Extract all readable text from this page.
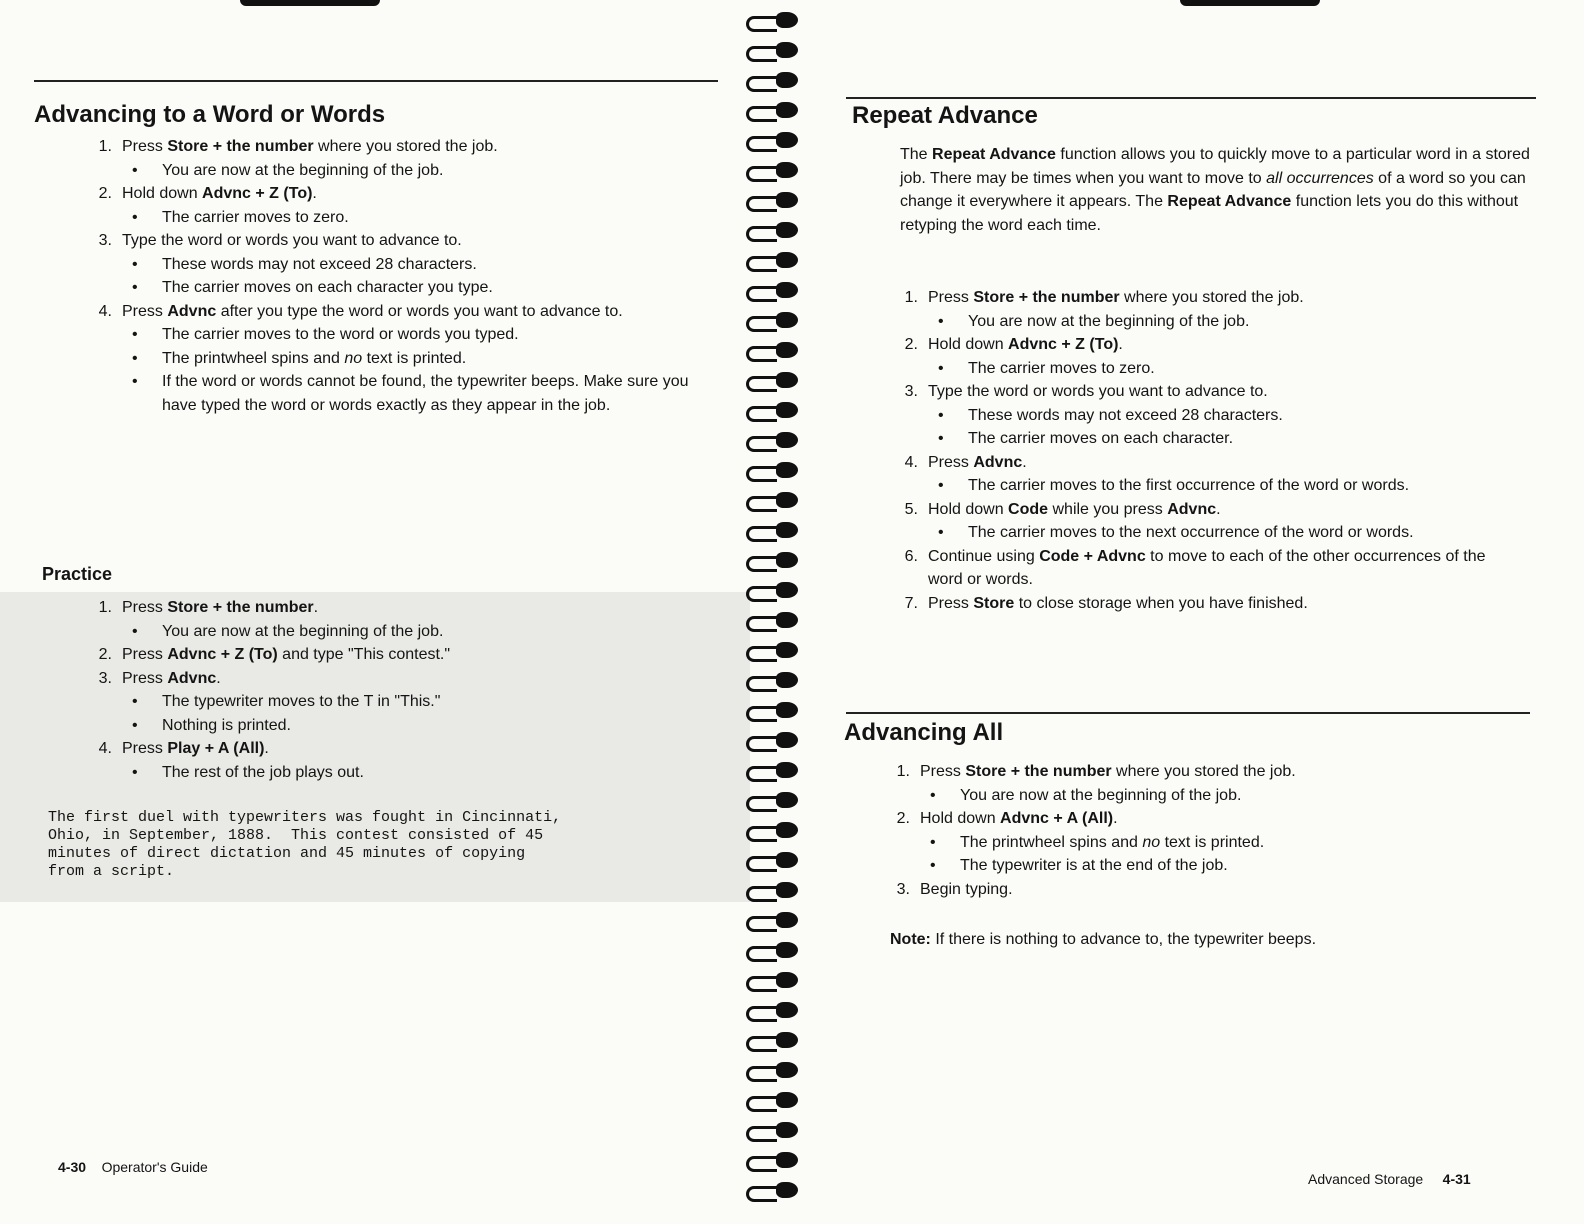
Advancing to a Word or Words
1. Press Store + the number where you stored the job.
• You are now at the beginning of the job.
2. Hold down Advnc + Z (To).
• The carrier moves to zero.
3. Type the word or words you want to advance to.
• These words may not exceed 28 characters.
• The carrier moves on each character you type.
4. Press Advnc after you type the word or words you want to advance to.
• The carrier moves to the word or words you typed.
• The printwheel spins and no text is printed.
• If the word or words cannot be found, the typewriter beeps. Make sure you have typed the word or words exactly as they appear in the job.
Practice
1. Press Store + the number.
• You are now at the beginning of the job.
2. Press Advnc + Z (To) and type "This contest."
3. Press Advnc.
• The typewriter moves to the T in "This."
• Nothing is printed.
4. Press Play + A (All).
• The rest of the job plays out.
The first duel with typewriters was fought in Cincinnati,
Ohio, in September, 1888.  This contest consisted of 45
minutes of direct dictation and 45 minutes of copying
from a script.
4-30 Operator's Guide
Repeat Advance

The Repeat Advance function allows you to quickly move to a particular word in a stored job. There may be times when you want to move to all occurrences of a word so you can change it everywhere it appears. The Repeat Advance function lets you do this without retyping the word each time.

1. Press Store + the number where you stored the job.
• You are now at the beginning of the job.
2. Hold down Advnc + Z (To).
• The carrier moves to zero.
3. Type the word or words you want to advance to.
• These words may not exceed 28 characters.
• The carrier moves on each character.
4. Press Advnc.
• The carrier moves to the first occurrence of the word or words.
5. Hold down Code while you press Advnc.
• The carrier moves to the next occurrence of the word or words.
6. Continue using Code + Advnc to move to each of the other occurrences of the word or words.
7. Press Store to close storage when you have finished.
Advancing All
1. Press Store + the number where you stored the job.
• You are now at the beginning of the job.
2. Hold down Advnc + A (All).
• The printwheel spins and no text is printed.
• The typewriter is at the end of the job.
3. Begin typing.

Note: If there is nothing to advance to, the typewriter beeps.

Advanced Storage 4-31
